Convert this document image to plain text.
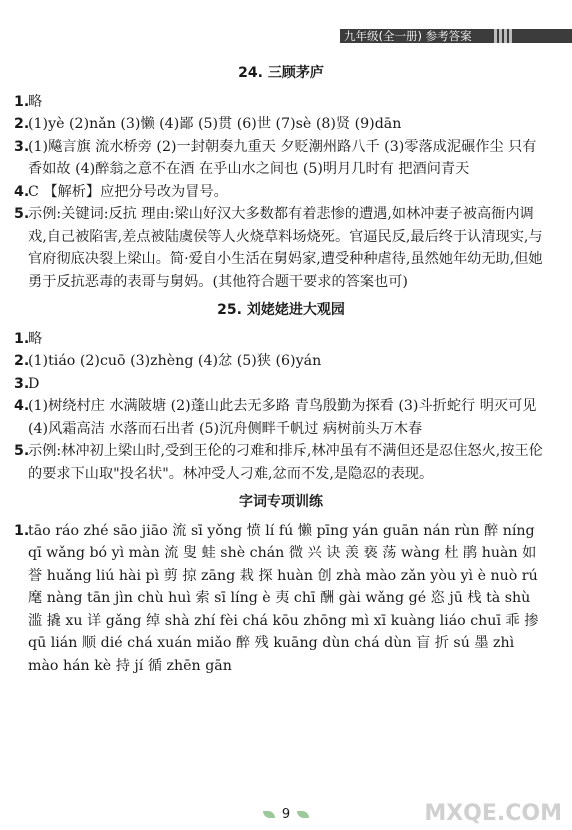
九年级(全一册) 参考答案
24. 三顾茅庐
1.
略
2.
(1)yè (2)nǎn (3)懒 (4)鄙 (5)贯 (6)世 (7)sè (8)贤 (9)dān
3.
(1)飚言旗 流水桥旁 (2)一封朝奏九重天 夕贬潮州路八千 (3)零落成泥碾作尘 只有香如故 (4)醉翁之意不在酒 在乎山水之间也 (5)明月几时有 把酒问青天
4.
C 【解析】应把分号改为冒号。
5.
示例:关键词:反抗 理由:梁山好汉大多数都有着悲惨的遭遇,如林冲妻子被高衙内调戏,自己被陷害,差点被陆虞侯等人火烧草料场烧死。官逼民反,最后终于认清现实,与官府彻底决裂上梁山。简·爱自小生活在舅妈家,遭受种种虐待,虽然她年幼无助,但她勇于反抗恶毒的表哥与舅妈。(其他符合题干要求的答案也可)
25. 刘姥姥进大观园
1.
略
2.
(1)tiáo (2)cuō (3)zhèng (4)忿 (5)狭 (6)yán
3.
D
4.
(1)树绕村庄 水满陂塘 (2)蓬山此去无多路 青鸟殷勤为探看 (3)斗折蛇行 明灭可见 (4)风霜高洁 水落而石出者 (5)沉舟侧畔千帆过 病树前头万木春
5.
示例:林冲初上梁山时,受到王伦的刁难和排斥,林冲虽有不满但还是忍住怒火,按王伦的要求下山取"投名状"。林冲受人刁难,忿而不发,是隐忍的表现。
字词专项训练
1.
tāo ráo zhé sāo jiāo 流 sī yǒng 愤 lí fú 懒 pīng yán guān nán rùn 醉 níng qī wǎng bó yì màn 流 叟 蛙 shè chán 微 兴 诀 羡 亵 荡 wàng 杜 鹃 huàn 如 誉 huǎng liú hài pì 剪 掠 zāng 栽 探 huàn 创 zhà mào zǎn yòu yì è nuò rú 麾 nàng tān jìn chù huì 索 sī líng è 夷 chī 酬 gài wǎng gé 恣 jū 栈 tà shù 滥 撬 xu 详 gǎng 绰 shà zhí fèi chá kōu zhōng mì xī kuàng liáo chuī 乖 掺 qū lián 顺 dié chá xuán miǎo 醉 残 kuāng dùn chá dùn 盲 折 sú 墨 zhì mào hán kè 持 jí 循 zhēn gān
9	MXQE.COM
